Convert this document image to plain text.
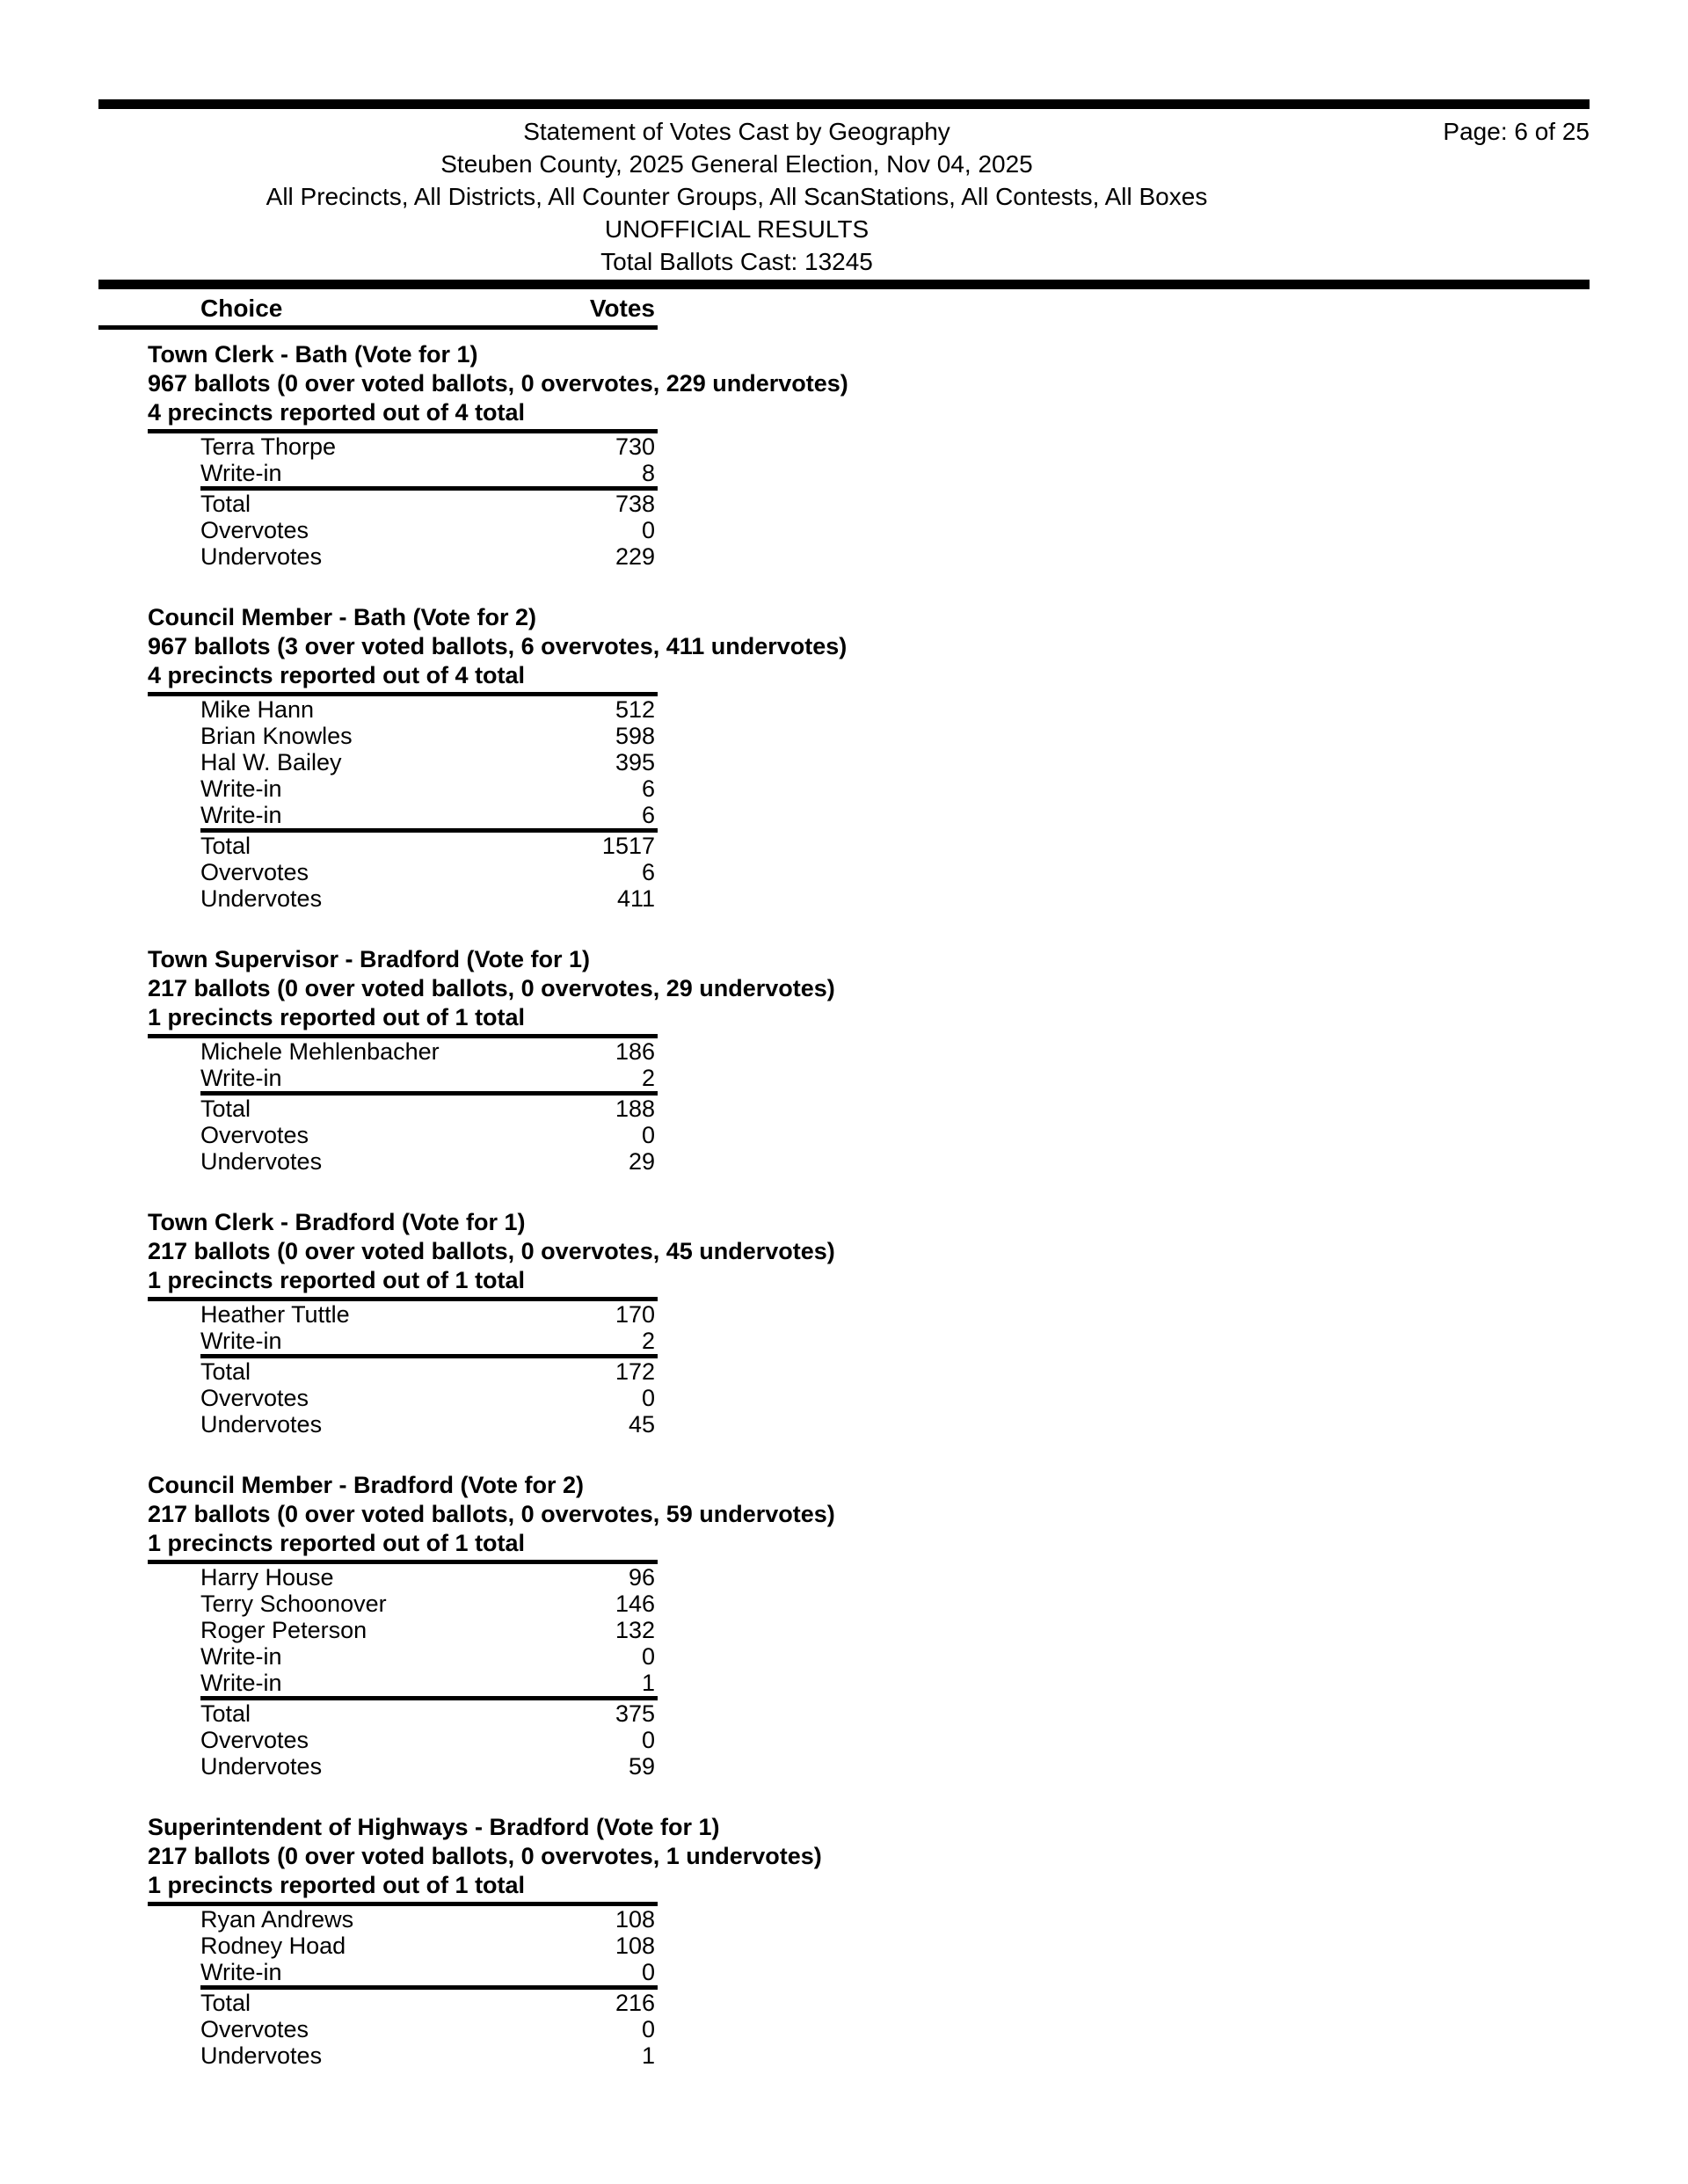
Statement of Votes Cast by Geography
Steuben County, 2025 General Election, Nov 04, 2025
All Precincts, All Districts, All Counter Groups, All ScanStations, All Contests, All Boxes
UNOFFICIAL RESULTS
Total Ballots Cast: 13245
Page: 6 of 25
Choice	Votes
Town Clerk - Bath (Vote for 1)
967 ballots (0 over voted ballots, 0 overvotes, 229 undervotes)
4 precincts reported out of 4 total
Terra Thorpe	730
Write-in	8
Total	738
Overvotes	0
Undervotes	229
Council Member - Bath (Vote for 2)
967 ballots (3 over voted ballots, 6 overvotes, 411 undervotes)
4 precincts reported out of 4 total
Mike Hann	512
Brian Knowles	598
Hal W. Bailey	395
Write-in	6
Write-in	6
Total	1517
Overvotes	6
Undervotes	411
Town Supervisor - Bradford (Vote for 1)
217 ballots (0 over voted ballots, 0 overvotes, 29 undervotes)
1 precincts reported out of 1 total
Michele Mehlenbacher	186
Write-in	2
Total	188
Overvotes	0
Undervotes	29
Town Clerk - Bradford (Vote for 1)
217 ballots (0 over voted ballots, 0 overvotes, 45 undervotes)
1 precincts reported out of 1 total
Heather Tuttle	170
Write-in	2
Total	172
Overvotes	0
Undervotes	45
Council Member - Bradford (Vote for 2)
217 ballots (0 over voted ballots, 0 overvotes, 59 undervotes)
1 precincts reported out of 1 total
Harry House	96
Terry Schoonover	146
Roger Peterson	132
Write-in	0
Write-in	1
Total	375
Overvotes	0
Undervotes	59
Superintendent of Highways - Bradford (Vote for 1)
217 ballots (0 over voted ballots, 0 overvotes, 1 undervotes)
1 precincts reported out of 1 total
Ryan Andrews	108
Rodney Hoad	108
Write-in	0
Total	216
Overvotes	0
Undervotes	1
